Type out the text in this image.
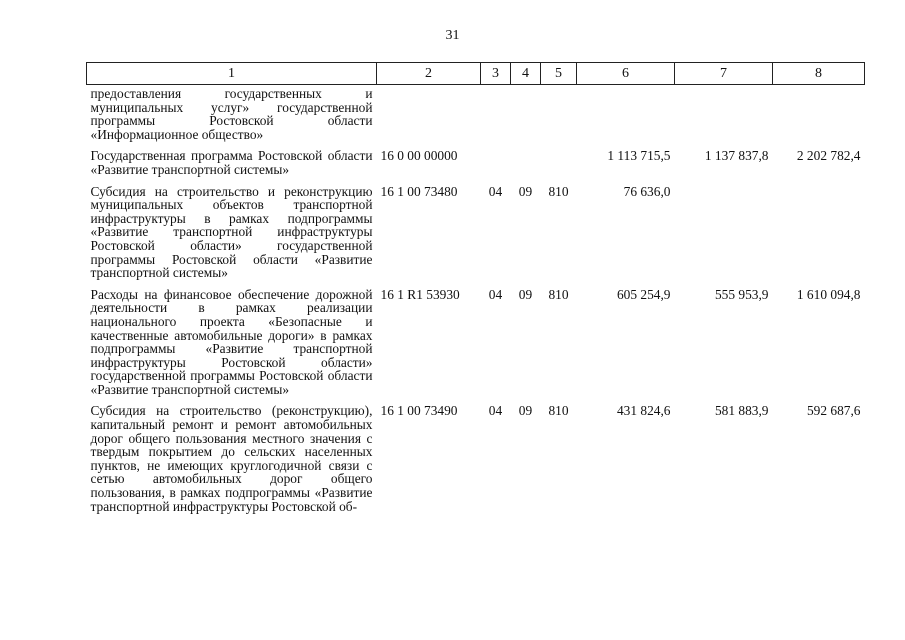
31
1	2	3	4	5	6	7	8
предоставления государственных и муниципальных услуг» государственной программы Ростовской области «Информационное общество»							
Государственная программа Ростовской области «Развитие транспортной системы»	16 0 00 00000				1 113 715,5	1 137 837,8	2 202 782,4
Субсидия на строительство и реконструкцию муниципальных объектов транспортной инфраструктуры в рамках подпрограммы «Развитие транспортной инфраструктуры Ростовской области» государственной программы Ростовской области «Развитие транспортной системы»	16 1 00 73480	04	09	810	76 636,0		
Расходы на финансовое обеспечение дорожной деятельности в рамках реализации национального проекта «Безопасные и качественные автомобильные дороги» в рамках подпрограммы «Развитие транспортной инфраструктуры Ростовской области» государственной программы Ростовской области «Развитие транспортной системы»	16 1 R1 53930	04	09	810	605 254,9	555 953,9	1 610 094,8
Субсидия на строительство (реконструкцию), капитальный ремонт и ремонт автомобильных дорог общего пользования местного значения с твердым покрытием до сельских населенных пунктов, не имеющих круглогодичной связи с сетью автомобильных дорог общего пользования, в рамках подпрограммы «Развитие транспортной инфраструктуры Ростовской об-	16 1 00 73490	04	09	810	431 824,6	581 883,9	592 687,6
